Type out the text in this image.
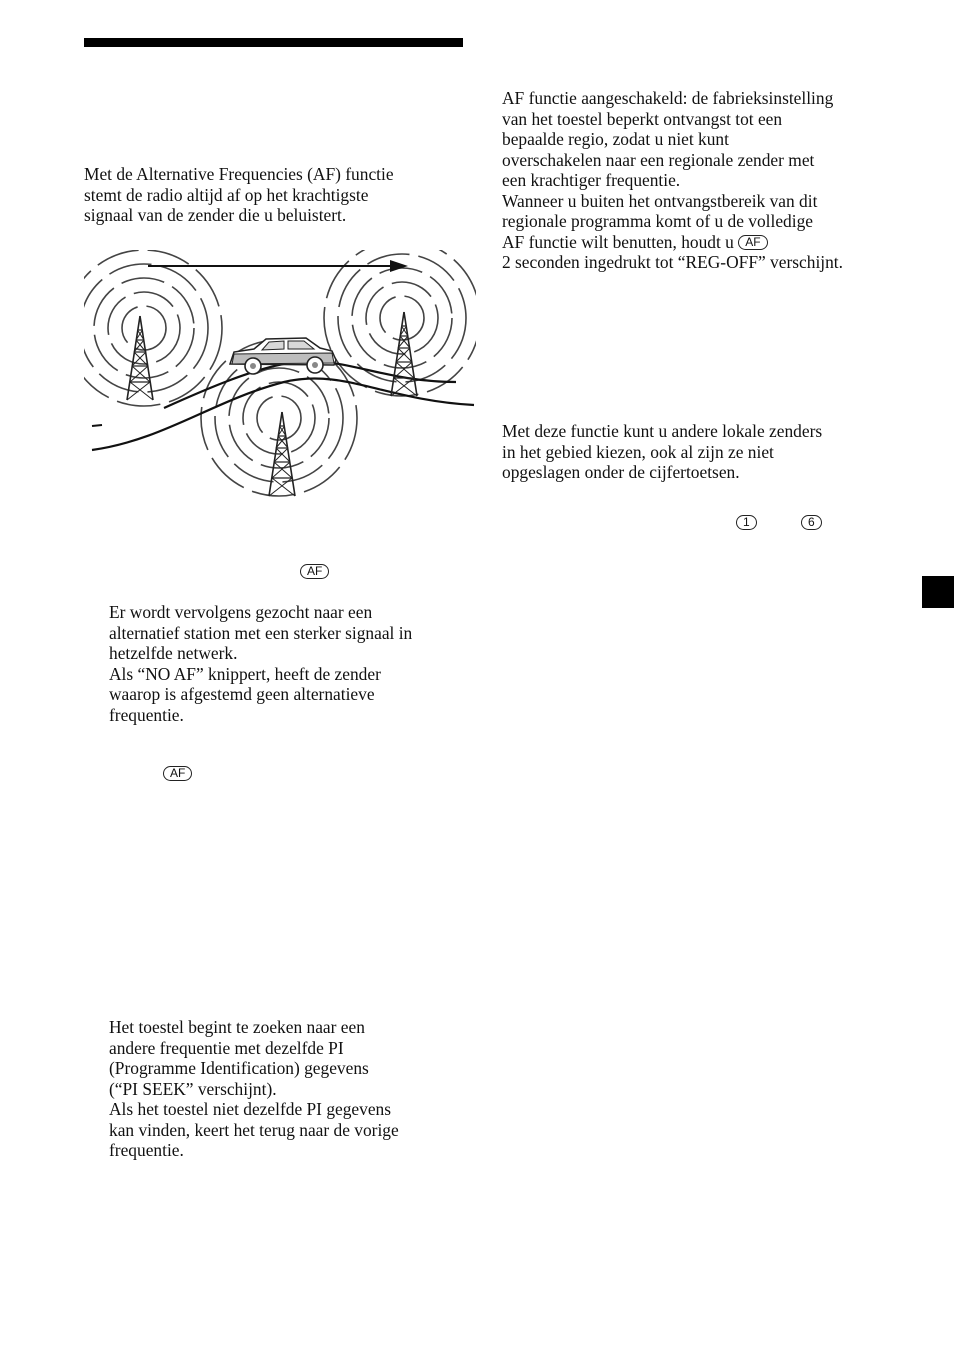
Met de Alternative Frequencies (AF) functie
stemt de radio altijd af op het krachtigste
signaal van de zender die u beluistert.

AF

Er wordt vervolgens gezocht naar een
alternatief station met een sterker signaal in
hetzelfde netwerk.
Als “NO AF” knippert, heeft de zender
waarop is afgestemd geen alternatieve
frequentie.

AF

Het toestel begint te zoeken naar een
andere frequentie met dezelfde PI
(Programme Identification) gegevens
(“PI SEEK” verschijnt).
Als het toestel niet dezelfde PI gegevens
kan vinden, keert het terug naar de vorige
frequentie.

AF functie aangeschakeld: de fabrieksinstelling
van het toestel beperkt ontvangst tot een
bepaalde regio, zodat u niet kunt
overschakelen naar een regionale zender met
een krachtiger frequentie.
Wanneer u buiten het ontvangstbereik van dit
regionale programma komt of u de volledige
AF functie wilt benutten, houdt u AF
2 seconden ingedrukt tot “REG-OFF” verschijnt.

Met deze functie kunt u andere lokale zenders
in het gebied kiezen, ook al zijn ze niet
opgeslagen onder de cijfertoetsen.

1	6
